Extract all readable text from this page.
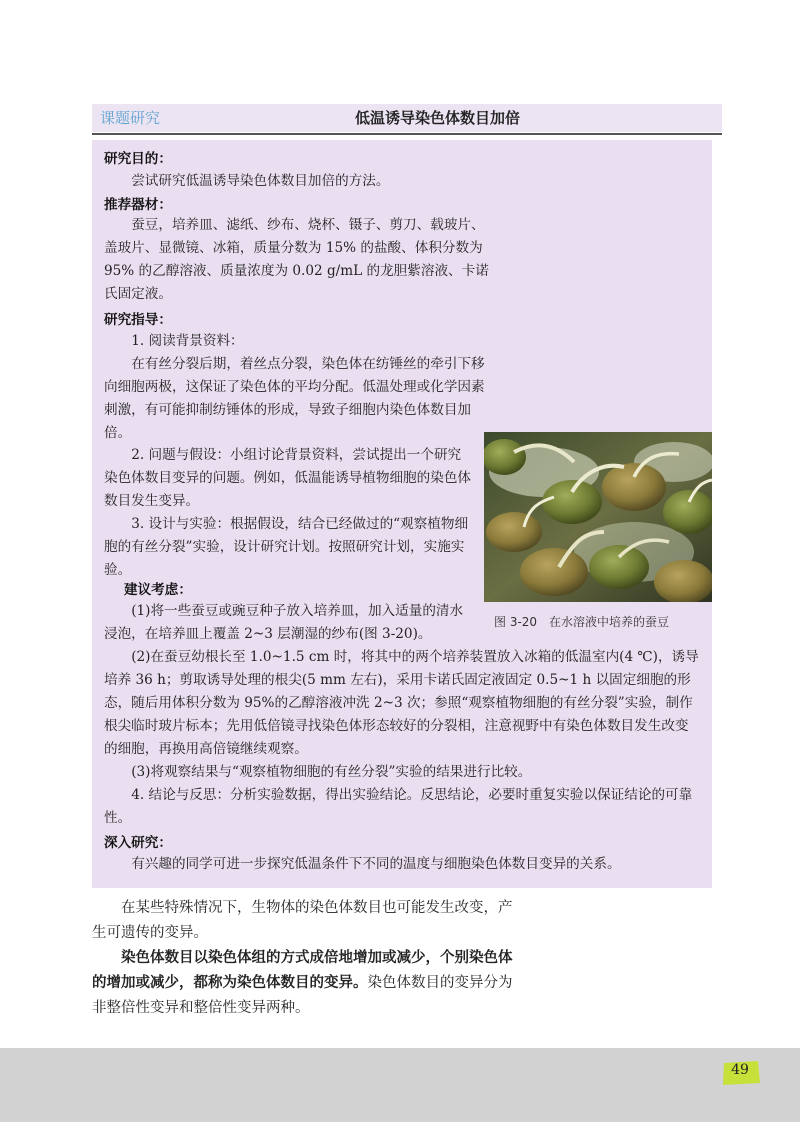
课题研究	低温诱导染色体数目加倍
研究目的：
尝试研究低温诱导染色体数目加倍的方法。
推荐器材：
蚕豆，培养皿、滤纸、纱布、烧杯、镊子、剪刀、载玻片、盖玻片、显微镜、冰箱，质量分数为 15% 的盐酸、体积分数为 95% 的乙醇溶液、质量浓度为 0.02 g/mL 的龙胆紫溶液、卡诺氏固定液。
研究指导：
1. 阅读背景资料：
在有丝分裂后期，着丝点分裂，染色体在纺锤丝的牵引下移向细胞两极，这保证了染色体的平均分配。低温处理或化学因素刺激，有可能抑制纺锤体的形成，导致子细胞内染色体数目加倍。
2. 问题与假设：小组讨论背景资料，尝试提出一个研究染色体数目变异的问题。例如，低温能诱导植物细胞的染色体数目发生变异。
3. 设计与实验：根据假设，结合已经做过的“观察植物细胞的有丝分裂”实验，设计研究计划。按照研究计划，实施实验。
建议考虑：
(1)将一些蚕豆或豌豆种子放入培养皿，加入适量的清水浸泡，在培养皿上覆盖 2~3 层潮湿的纱布(图 3-20)。
(2)在蚕豆幼根长至 1.0~1.5 cm 时，将其中的两个培养装置放入冰箱的低温室内(4 ℃)，诱导培养 36 h；剪取诱导处理的根尖(5 mm 左右)，采用卡诺氏固定液固定 0.5~1 h 以固定细胞的形态，随后用体积分数为 95%的乙醇溶液冲洗 2~3 次；参照“观察植物细胞的有丝分裂”实验，制作根尖临时玻片标本；先用低倍镜寻找染色体形态较好的分裂相，注意视野中有染色体数目发生改变的细胞，再换用高倍镜继续观察。
(3)将观察结果与“观察植物细胞的有丝分裂”实验的结果进行比较。
4. 结论与反思：分析实验数据，得出实验结论。反思结论，必要时重复实验以保证结论的可靠性。
深入研究：
有兴趣的同学可进一步探究低温条件下不同的温度与细胞染色体数目变异的关系。
图 3-20　在水溶液中培养的蚕豆
在某些特殊情况下，生物体的染色体数目也可能发生改变，产生可遗传的变异。
染色体数目以染色体组的方式成倍地增加或减少，个别染色体的增加或减少，都称为染色体数目的变异。染色体数目的变异分为非整倍性变异和整倍性变异两种。
49
